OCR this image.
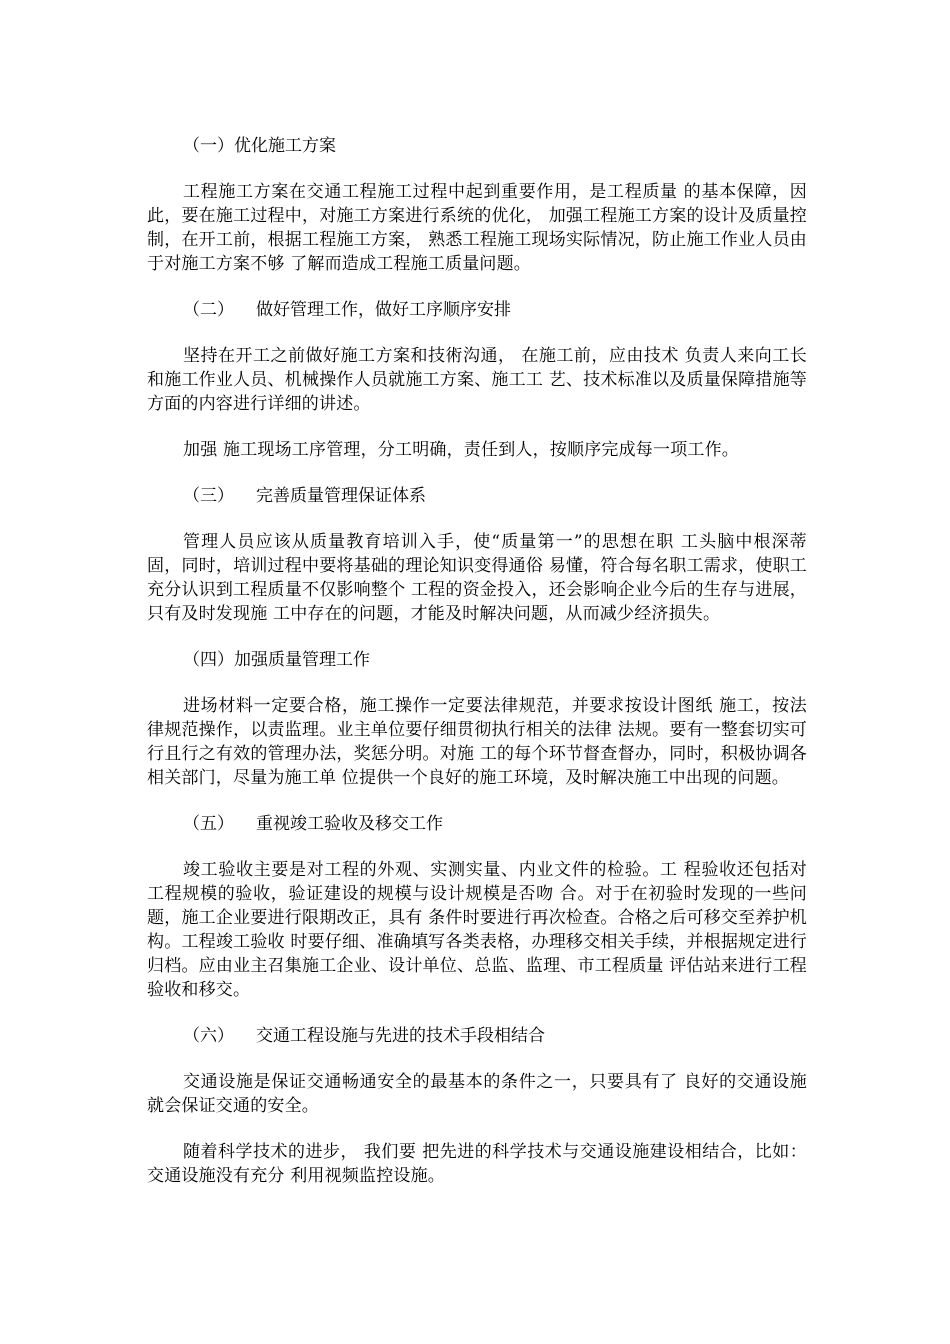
（一）优化施工方案

工程施工方案在交通工程施工过程中起到重要作用，是工程质量 的基本保障，因此，要在施工过程中，对施工方案进行系统的优化， 加强工程施工方案的设计及质量控制，在开工前，根据工程施工方案， 熟悉工程施工现场实际情况，防止施工作业人员由于对施工方案不够 了解而造成工程施工质量问题。

（二） 做好管理工作，做好工序顺序安排

坚持在开工之前做好施工方案和技術沟通， 在施工前，应由技术 负责人来向工长和施工作业人员、机械操作人员就施工方案、施工工 艺、技术标准以及质量保障措施等方面的内容进行详细的讲述。

加强 施工现场工序管理，分工明确，责任到人，按顺序完成每一项工作。

（三） 完善质量管理保证体系

管理人员应该从质量教育培训入手，使“质量第一”的思想在职 工头脑中根深蒂固，同时，培训过程中要将基础的理论知识变得通俗 易懂，符合每名职工需求，使职工充分认识到工程质量不仅影响整个 工程的资金投入，还会影响企业今后的生存与进展， 只有及时发现施 工中存在的问题，才能及时解决问题，从而减少经济损失。

（四）加强质量管理工作

进场材料一定要合格，施工操作一定要法律规范，并要求按设计图纸 施工，按法律规范操作，以责监理。业主单位要仔细贯彻执行相关的法律 法规。要有一整套切实可行且行之有效的管理办法，奖惩分明。对施 工的每个环节督查督办，同时，积极协调各相关部门，尽量为施工单 位提供一个良好的施工环境，及时解决施工中出现的问题。

（五） 重视竣工验收及移交工作

竣工验收主要是对工程的外观、实测实量、内业文件的检验。工 程验收还包括对工程规模的验收，验证建设的规模与设计规模是否吻 合。对于在初验时发现的一些问题，施工企业要进行限期改正，具有 条件时要进行再次检查。合格之后可移交至养护机构。工程竣工验收 时要仔细、准确填写各类表格，办理移交相关手续，并根据规定进行 归档。应由业主召集施工企业、设计单位、总监、监理、市工程质量 评估站来进行工程验收和移交。

（六） 交通工程设施与先进的技术手段相结合

交通设施是保证交通畅通安全的最基本的条件之一，只要具有了 良好的交通设施就会保证交通的安全。

随着科学技术的进步， 我们要 把先进的科学技术与交通设施建设相结合，比如：交通设施没有充分 利用视频监控设施。
